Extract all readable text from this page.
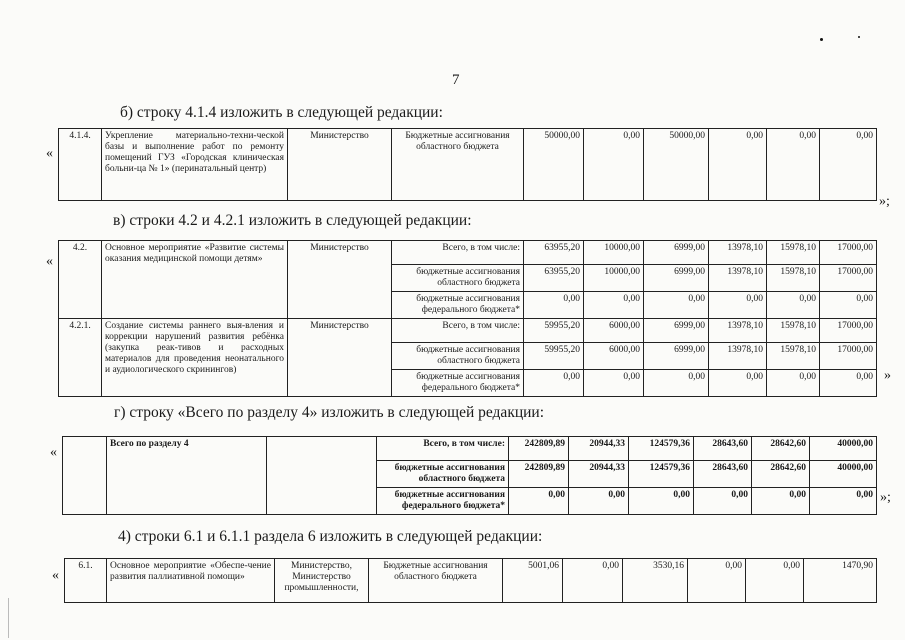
7
б) строку 4.1.4 изложить в следующей редакции:
«
4.1.4.	Укрепление материально-техни-ческой базы и выполнение работ по ремонту помещений ГУЗ «Городская клиническая больни-ца № 1» (перинатальный центр)	Министерство	Бюджетные ассигнования областного бюджета	50000,00	0,00	50000,00	0,00	0,00	0,00
»;
в) строки 4.2 и 4.2.1 изложить в следующей редакции:
«
4.2.	Основное мероприятие «Развитие системы оказания медицинской помощи детям»	Министерство	Всего, в том числе:	63955,20	10000,00	6999,00	13978,10	15978,10	17000,00
			бюджетные ассигнования областного бюджета	63955,20	10000,00	6999,00	13978,10	15978,10	17000,00
			бюджетные ассигнования федерального бюджета*	0,00	0,00	0,00	0,00	0,00	0,00
4.2.1.	Создание системы раннего выя-вления и коррекции нарушений развития ребёнка (закупка реак-тивов и расходных материалов для проведения неонатального и аудиологического скринингов)	Министерство	Всего, в том числе:	59955,20	6000,00	6999,00	13978,10	15978,10	17000,00
			бюджетные ассигнования областного бюджета	59955,20	6000,00	6999,00	13978,10	15978,10	17000,00
			бюджетные ассигнования федерального бюджета*	0,00	0,00	0,00	0,00	0,00	0,00 »
г) строку «Всего по разделу 4» изложить в следующей редакции:
«
	Всего по разделу 4		Всего, в том числе:	242809,89	20944,33	124579,36	28643,60	28642,60	40000,00
			бюджетные ассигнования областного бюджета	242809,89	20944,33	124579,36	28643,60	28642,60	40000,00
			бюджетные ассигнования федерального бюджета*	0,00	0,00	0,00	0,00	0,00	0,00 »;
4) строки 6.1 и 6.1.1 раздела 6 изложить в следующей редакции:
«
6.1.	Основное мероприятие «Обеспе-чение развития паллиативной помощи»	Министерство, Министерство промышленности,	Бюджетные ассигнования областного бюджета	5001,06	0,00	3530,16	0,00	0,00	1470,90
